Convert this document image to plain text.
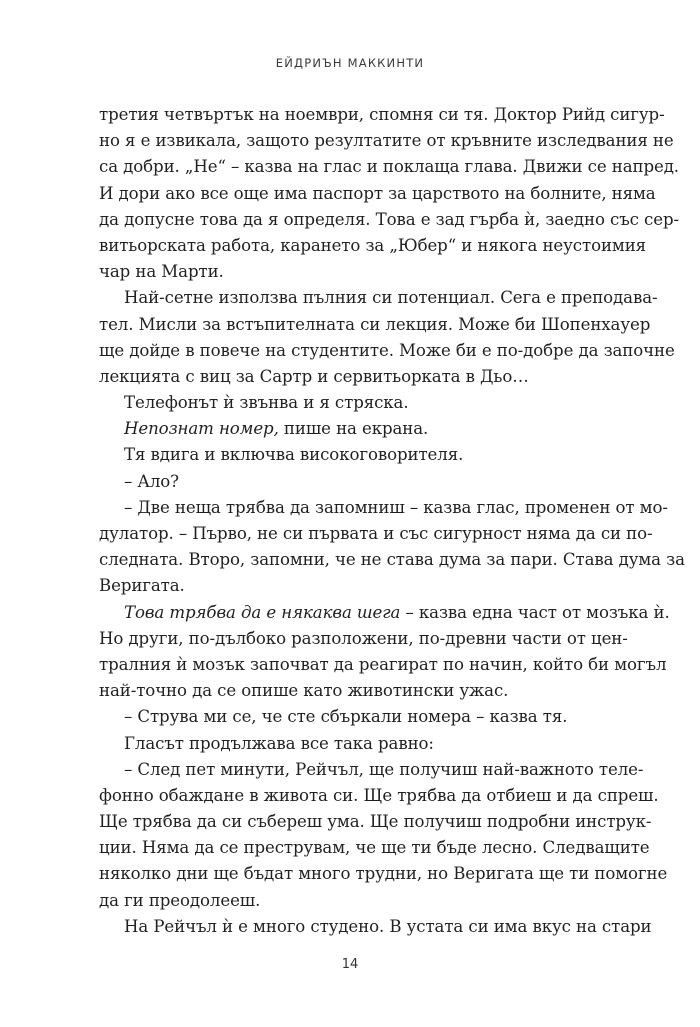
ЕЙДРИЪН МАККИНТИ
третия четвъртък на ноември, спомня си тя. Доктор Рийд сигур-
но я е извикала, защото резултатите от кръвните изследвания не
са добри. „Не“ – казва на глас и поклаща глава. Движи се напред.
И дори ако все още има паспорт за царството на болните, няма
да допусне това да я определя. Това е зад гърба ѝ, заедно със сер-
витьорската работа, карането за „Юбер“ и някогa неустоимия
чар на Марти.
Най-сетне използва пълния си потенциал. Сега е преподава-
тел. Мисли за встъпителната си лекция. Може би Шопенхауер
ще дойде в повече на студентите. Може би е по-добре да започне
лекцията с виц за Сартр и сервитьорката в Дьо…
Телефонът ѝ звънва и я стряска.
Непознат номер, пише на екрана.
Тя вдига и включва високоговорителя.
– Ало?
– Две неща трябва да запомниш – казва глас, променен от мо-
дулатор. – Първо, не си първата и със сигурност няма да си по-
следната. Второ, запомни, че не става дума за пари. Става дума за
Веригата.
Това трябва да е някаква шега – казва една част от мозъка ѝ.
Но други, по-дълбоко разположени, по-древни части от цен-
тралния ѝ мозък започват да реагират по начин, който би могъл
най-точно да се опише като животински ужас.
– Струва ми се, че сте сбъркали номера – казва тя.
Гласът продължава все така равно:
– След пет минути, Рейчъл, ще получиш най-важното теле-
фонно обаждане в живота си. Ще трябва да отбиеш и да спреш.
Ще трябва да си събереш ума. Ще получиш подробни инструк-
ции. Няма да се преструвам, че ще ти бъде лесно. Следващите
няколко дни ще бъдат много трудни, но Веригата ще ти помогне
да ги преодолееш.
На Рейчъл ѝ е много студено. В устата си има вкус на стари
14
